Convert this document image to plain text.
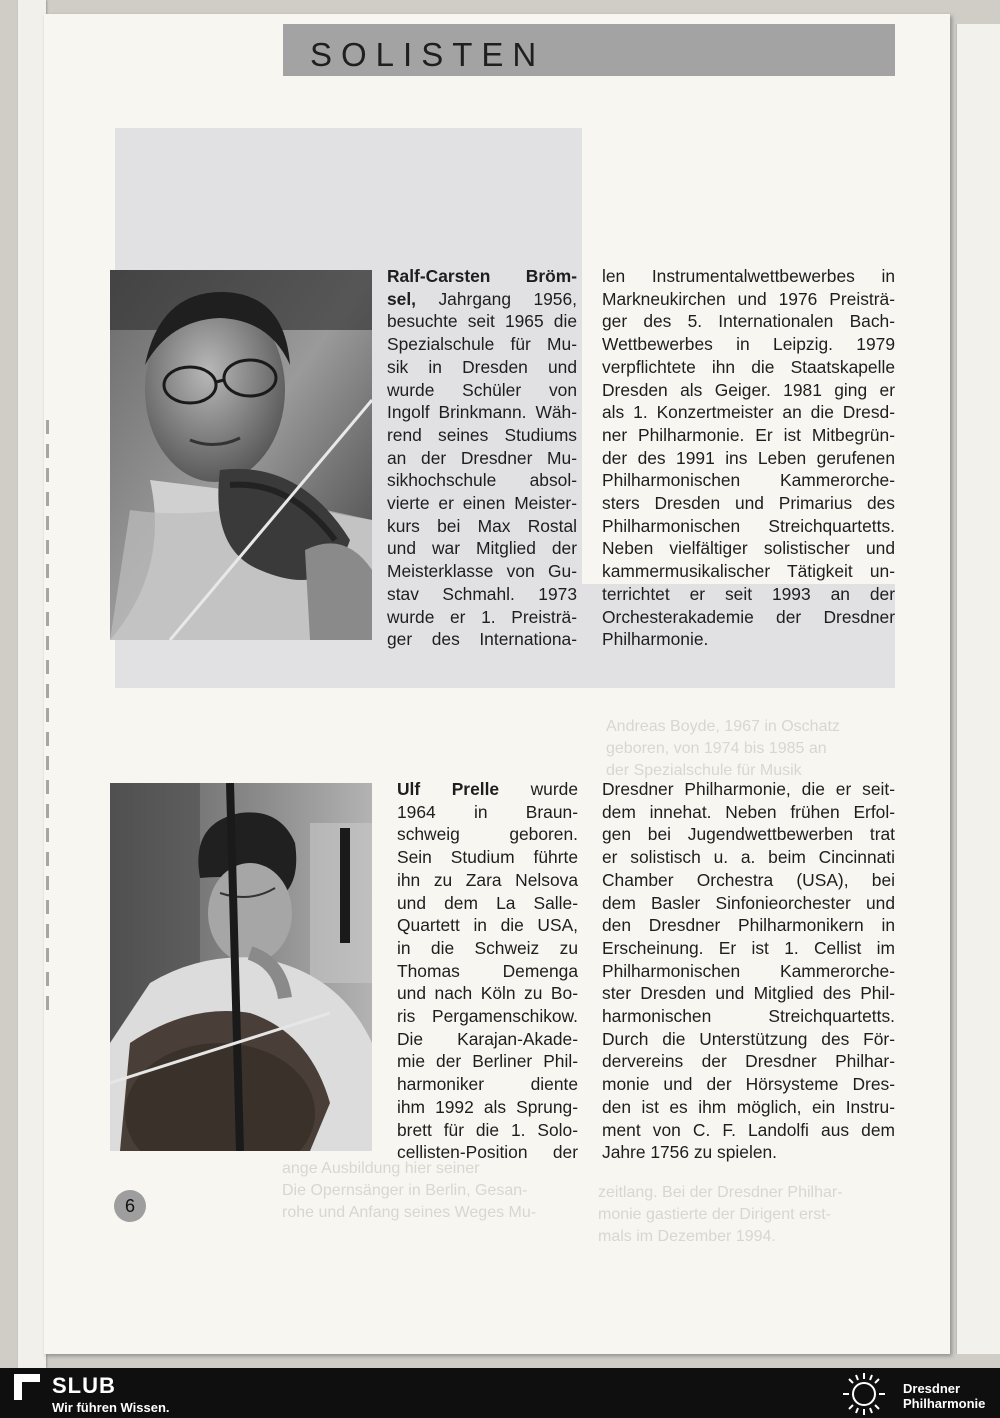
SOLISTEN
Andreas Boyde, 1967 in Oschatz
geboren, von 1974 bis 1985 an
der Spezialschule für Musik
ange Ausbildung hier seiner
Die Opernsänger in Berlin, Gesan-
rohe und Anfang seines Weges Mu-
zeitlang. Bei der Dresdner Philhar-
monie gastierte der Dirigent erst-
mals im Dezember 1994.
Ralf-Carsten Bröm-
sel, Jahrgang 1956,
besuchte seit 1965 die
Spezialschule für Mu-
sik in Dresden und
wurde Schüler von
Ingolf Brinkmann. Wäh-
rend seines Studiums
an der Dresdner Mu-
sikhochschule absol-
vierte er einen Meister-
kurs bei Max Rostal
und war Mitglied der
Meisterklasse von Gu-
stav Schmahl. 1973
wurde er 1. Preisträ-
ger des Internationa-
len Instrumentalwettbewerbes in
Markneukirchen und 1976 Preisträ-
ger des 5. Internationalen Bach-
Wettbewerbes in Leipzig. 1979
verpflichtete ihn die Staatskapelle
Dresden als Geiger. 1981 ging er
als 1. Konzertmeister an die Dresd-
ner Philharmonie. Er ist Mitbegrün-
der des 1991 ins Leben gerufenen
Philharmonischen Kammerorche-
sters Dresden und Primarius des
Philharmonischen Streichquartetts.
Neben vielfältiger solistischer und
kammermusikalischer Tätigkeit un-
terrichtet er seit 1993 an der
Orchesterakademie der Dresdner
Philharmonie.
Ulf Prelle wurde
1964 in Braun-
schweig geboren.
Sein Studium führte
ihn zu Zara Nelsova
und dem La Salle-
Quartett in die USA,
in die Schweiz zu
Thomas Demenga
und nach Köln zu Bo-
ris Pergamenschikow.
Die Karajan-Akade-
mie der Berliner Phil-
harmoniker diente
ihm 1992 als Sprung-
brett für die 1. Solo-
cellisten-Position der
Dresdner Philharmonie, die er seit-
dem innehat. Neben frühen Erfol-
gen bei Jugendwettbewerben trat
er solistisch u. a. beim Cincinnati
Chamber Orchestra (USA), bei
dem Basler Sinfonieorchester und
den Dresdner Philharmonikern in
Erscheinung. Er ist 1. Cellist im
Philharmonischen Kammerorche-
ster Dresden und Mitglied des Phil-
harmonischen Streichquartetts.
Durch die Unterstützung des För-
dervereins der Dresdner Philhar-
monie und der Hörsysteme Dres-
den ist es ihm möglich, ein Instru-
ment von C. F. Landolfi aus dem
Jahre 1756 zu spielen.
6
SLUB
Wir führen Wissen.
Dresdner
Philharmonie
